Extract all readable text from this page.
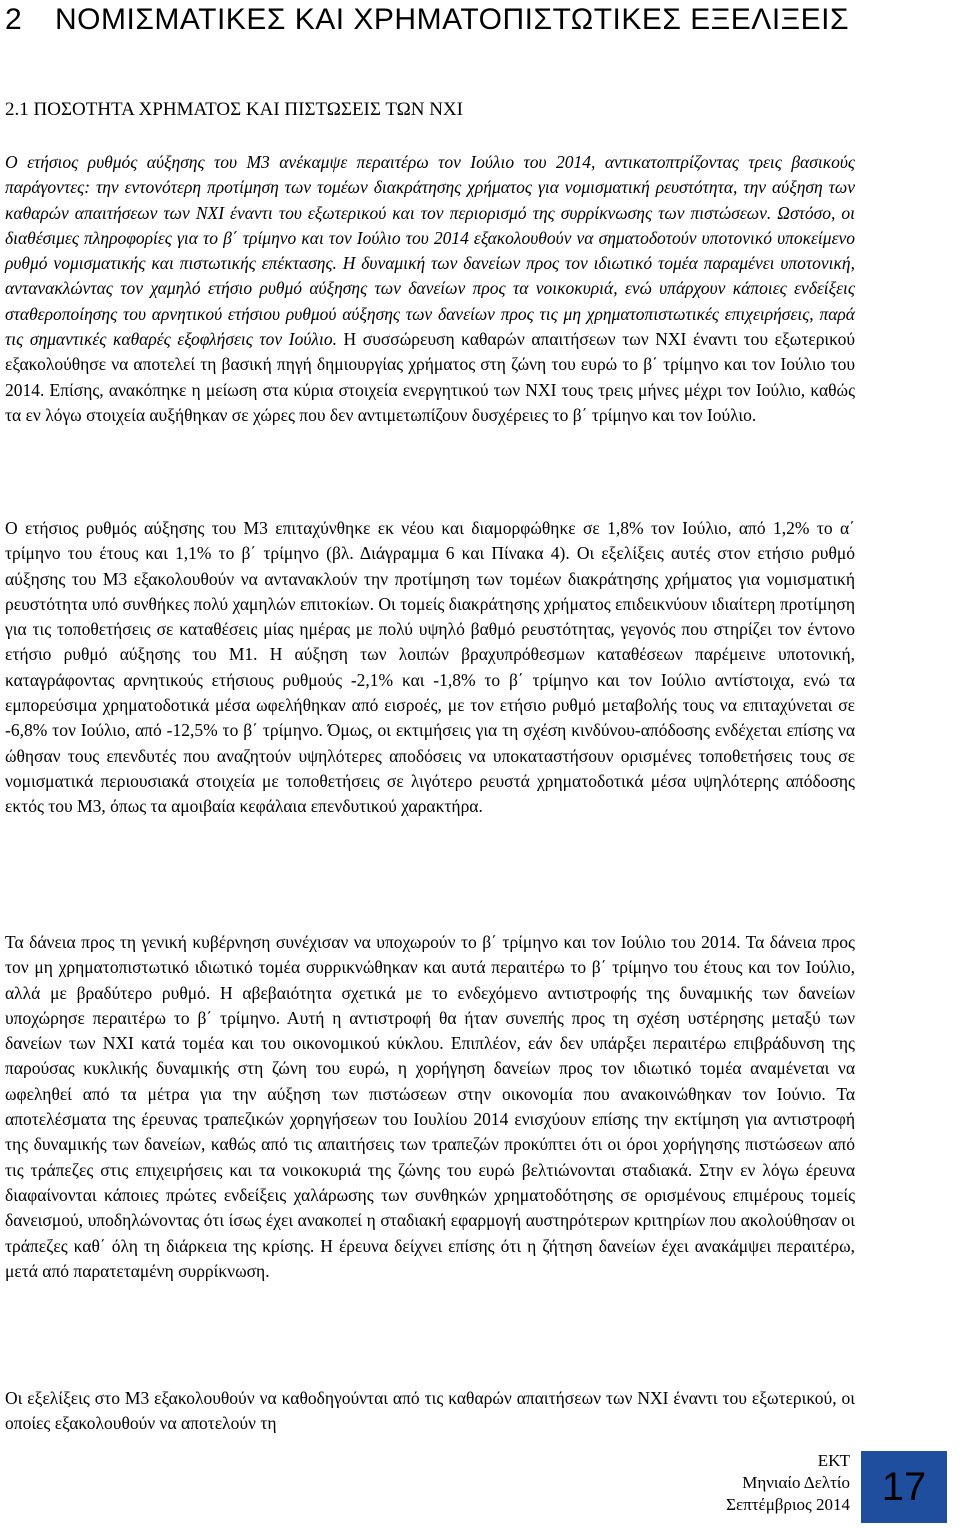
2 ΝΟΜΙΣΜΑΤΙΚΕΣ ΚΑΙ ΧΡΗΜΑΤΟΠΙΣΤΩΤΙΚΕΣ ΕΞΕΛΙΞΕΙΣ
2.1 ΠΟΣΟΤΗΤΑ ΧΡΗΜΑΤΟΣ ΚΑΙ ΠΙΣΤΩΣΕΙΣ ΤΩΝ ΝΧΙ

Ο ετήσιος ρυθμός αύξησης του Μ3 ανέκαμψε περαιτέρω τον Ιούλιο του 2014, αντικατοπτρίζοντας τρεις βασικούς παράγοντες: την εντονότερη προτίμηση των τομέων διακράτησης χρήματος για νομισματική ρευστότητα, την αύξηση των καθαρών απαιτήσεων των ΝΧΙ έναντι του εξωτερικού και τον περιορισμό της συρρίκνωσης των πιστώσεων. Ωστόσο, οι διαθέσιμες πληροφορίες για το β΄ τρίμηνο και τον Ιούλιο του 2014 εξακολουθούν να σηματοδοτούν υποτονικό υποκείμενο ρυθμό νομισματικής και πιστωτικής επέκτασης. Η δυναμική των δανείων προς τον ιδιωτικό τομέα παραμένει υποτονική, αντανακλώντας τον χαμηλό ετήσιο ρυθμό αύξησης των δανείων προς τα νοικοκυριά, ενώ υπάρχουν κάποιες ενδείξεις σταθεροποίησης του αρνητικού ετήσιου ρυθμού αύξησης των δανείων προς τις μη χρηματοπιστωτικές επιχειρήσεις, παρά τις σημαντικές καθαρές εξοφλήσεις τον Ιούλιο. Η συσσώρευση καθαρών απαιτήσεων των ΝΧΙ έναντι του εξωτερικού εξακολούθησε να αποτελεί τη βασική πηγή δημιουργίας χρήματος στη ζώνη του ευρώ το β΄ τρίμηνο και τον Ιούλιο του 2014. Επίσης, ανακόπηκε η μείωση στα κύρια στοιχεία ενεργητικού των ΝΧΙ τους τρεις μήνες μέχρι τον Ιούλιο, καθώς τα εν λόγω στοιχεία αυξήθηκαν σε χώρες που δεν αντιμετωπίζουν δυσχέρειες το β΄ τρίμηνο και τον Ιούλιο.

Ο ετήσιος ρυθμός αύξησης του Μ3 επιταχύνθηκε εκ νέου και διαμορφώθηκε σε 1,8% τον Ιούλιο, από 1,2% το α΄ τρίμηνο του έτους και 1,1% το β΄ τρίμηνο (βλ. Διάγραμμα 6 και Πίνακα 4). Οι εξελίξεις αυτές στον ετήσιο ρυθμό αύξησης του Μ3 εξακολουθούν να αντανακλούν την προτίμηση των τομέων διακράτησης χρήματος για νομισματική ρευστότητα υπό συνθήκες πολύ χαμηλών επιτοκίων. Οι τομείς διακράτησης χρήματος επιδεικνύουν ιδιαίτερη προτίμηση για τις τοποθετήσεις σε καταθέσεις μίας ημέρας με πολύ υψηλό βαθμό ρευστότητας, γεγονός που στηρίζει τον έντονο ετήσιο ρυθμό αύξησης του Μ1. Η αύξηση των λοιπών βραχυπρόθεσμων καταθέσεων παρέμεινε υποτονική, καταγράφοντας αρνητικούς ετήσιους ρυθμούς -2,1% και -1,8% το β΄ τρίμηνο και τον Ιούλιο αντίστοιχα, ενώ τα εμπορεύσιμα χρηματοδοτικά μέσα ωφελήθηκαν από εισροές, με τον ετήσιο ρυθμό μεταβολής τους να επιταχύνεται σε -6,8% τον Ιούλιο, από -12,5% το β΄ τρίμηνο. Όμως, οι εκτιμήσεις για τη σχέση κινδύνου-απόδοσης ενδέχεται επίσης να ώθησαν τους επενδυτές που αναζητούν υψηλότερες αποδόσεις να υποκαταστήσουν ορισμένες τοποθετήσεις τους σε νομισματικά περιουσιακά στοιχεία με τοποθετήσεις σε λιγότερο ρευστά χρηματοδοτικά μέσα υψηλότερης απόδοσης εκτός του Μ3, όπως τα αμοιβαία κεφάλαια επενδυτικού χαρακτήρα.

Τα δάνεια προς τη γενική κυβέρνηση συνέχισαν να υποχωρούν το β΄ τρίμηνο και τον Ιούλιο του 2014. Τα δάνεια προς τον μη χρηματοπιστωτικό ιδιωτικό τομέα συρρικνώθηκαν και αυτά περαιτέρω το β΄ τρίμηνο του έτους και τον Ιούλιο, αλλά με βραδύτερο ρυθμό. Η αβεβαιότητα σχετικά με το ενδεχόμενο αντιστροφής της δυναμικής των δανείων υποχώρησε περαιτέρω το β΄ τρίμηνο. Αυτή η αντιστροφή θα ήταν συνεπής προς τη σχέση υστέρησης μεταξύ των δανείων των ΝΧΙ κατά τομέα και του οικονομικού κύκλου. Επιπλέον, εάν δεν υπάρξει περαιτέρω επιβράδυνση της παρούσας κυκλικής δυναμικής στη ζώνη του ευρώ, η χορήγηση δανείων προς τον ιδιωτικό τομέα αναμένεται να ωφεληθεί από τα μέτρα για την αύξηση των πιστώσεων στην οικονομία που ανακοινώθηκαν τον Ιούνιο. Τα αποτελέσματα της έρευνας τραπεζικών χορηγήσεων του Ιουλίου 2014 ενισχύουν επίσης την εκτίμηση για αντιστροφή της δυναμικής των δανείων, καθώς από τις απαιτήσεις των τραπεζών προκύπτει ότι οι όροι χορήγησης πιστώσεων από τις τράπεζες στις επιχειρήσεις και τα νοικοκυριά της ζώνης του ευρώ βελτιώνονται σταδιακά. Στην εν λόγω έρευνα διαφαίνονται κάποιες πρώτες ενδείξεις χαλάρωσης των συνθηκών χρηματοδότησης σε ορισμένους επιμέρους τομείς δανεισμού, υποδηλώνοντας ότι ίσως έχει ανακοπεί η σταδιακή εφαρμογή αυστηρότερων κριτηρίων που ακολούθησαν οι τράπεζες καθ΄ όλη τη διάρκεια της κρίσης. Η έρευνα δείχνει επίσης ότι η ζήτηση δανείων έχει ανακάμψει περαιτέρω, μετά από παρατεταμένη συρρίκνωση.

Οι εξελίξεις στο Μ3 εξακολουθούν να καθοδηγούνται από τις καθαρών απαιτήσεων των ΝΧΙ έναντι του εξωτερικού, οι οποίες εξακολουθούν να αποτελούν τη

ΕΚΤ
Μηνιαίο Δελτίο
Σεπτέμβριος 2014 17
